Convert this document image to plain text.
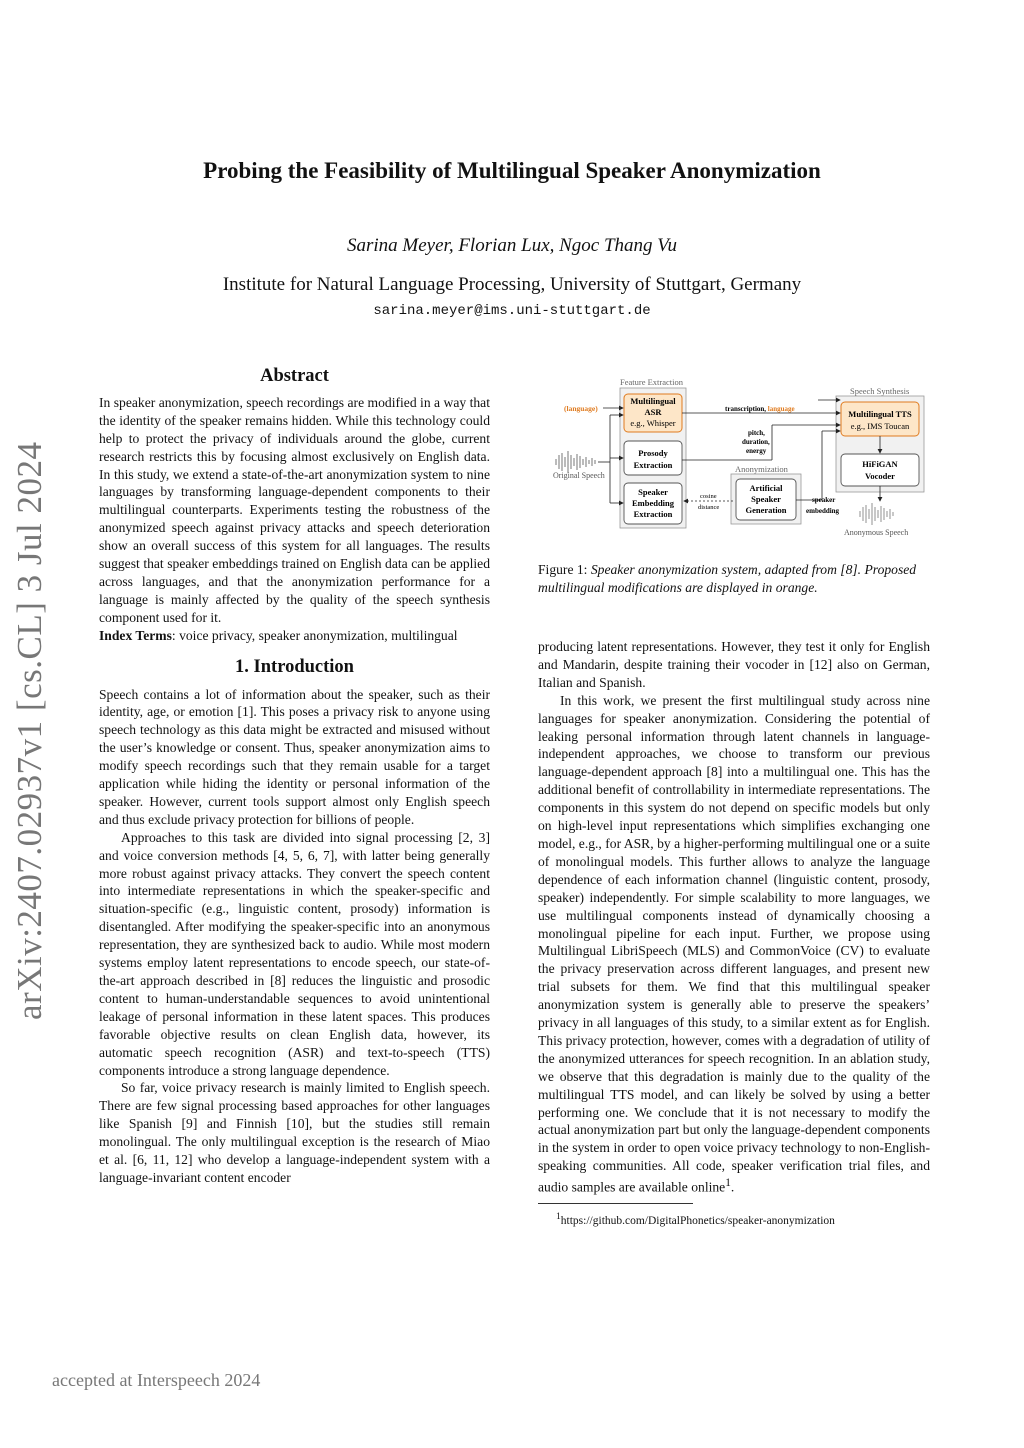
Probing the Feasibility of Multilingual Speaker Anonymization
Sarina Meyer, Florian Lux, Ngoc Thang Vu
Institute for Natural Language Processing, University of Stuttgart, Germany
sarina.meyer@ims.uni-stuttgart.de
arXiv:2407.02937v1 [cs.CL] 3 Jul 2024
Abstract

In speaker anonymization, speech recordings are modified in a way that the identity of the speaker remains hidden. While this technology could help to protect the privacy of individuals around the globe, current research restricts this by focusing almost exclusively on English data. In this study, we extend a state-of-the-art anonymization system to nine languages by transforming language-dependent components to their multilingual counterparts. Experiments testing the robustness of the anonymized speech against privacy attacks and speech deterioration show an overall success of this system for all languages. The results suggest that speaker embeddings trained on English data can be applied across languages, and that the anonymization performance for a language is mainly affected by the quality of the speech synthesis component used for it.

Index Terms: voice privacy, speaker anonymization, multilingual

1. Introduction

Speech contains a lot of information about the speaker, such as their identity, age, or emotion [1]. This poses a privacy risk to anyone using speech technology as this data might be extracted and misused without the user’s knowledge or consent. Thus, speaker anonymization aims to modify speech recordings such that they remain usable for a target application while hiding the identity or personal information of the speaker. However, current tools support almost only English speech and thus exclude privacy protection for billions of people.

Approaches to this task are divided into signal processing [2, 3] and voice conversion methods [4, 5, 6, 7], with latter being generally more robust against privacy attacks. They convert the speech content into intermediate representations in which the speaker-specific and situation-specific (e.g., linguistic content, prosody) information is disentangled. After modifying the speaker-specific into an anonymous representation, they are synthesized back to audio. While most modern systems employ latent representations to encode speech, our state-of-the-art approach described in [8] reduces the linguistic and prosodic content to human-understandable sequences to avoid unintentional leakage of personal information in these latent spaces. This produces favorable objective results on clean English data, however, its automatic speech recognition (ASR) and text-to-speech (TTS) components introduce a strong language dependence.

So far, voice privacy research is mainly limited to English speech. There are few signal processing based approaches for other languages like Spanish [9] and Finnish [10], but the studies still remain monolingual. The only multilingual exception is the research of Miao et al. [6, 11, 12] who develop a language-independent system with a language-invariant content encoder

Feature Extraction
Speech Synthesis
Anonymization
Multilingual
ASR
e.g., Whisper
Prosody
Extraction
Speaker
Embedding
Extraction
Artificial
Speaker
Generation
Multilingual TTS
e.g., IMS Toucan
HiFiGAN
Vocoder
(language)
Original Speech
transcription, language
pitch,
duration,
energy
cosine
distance
speaker
embedding
Anonymous Speech
Figure 1: Speaker anonymization system, adapted from [8]. Proposed multilingual modifications are displayed in orange.

producing latent representations. However, they test it only for English and Mandarin, despite training their vocoder in [12] also on German, Italian and Spanish.

In this work, we present the first multilingual study across nine languages for speaker anonymization. Considering the potential of leaking personal information through latent channels in language-independent approaches, we choose to transform our previous language-dependent approach [8] into a multilingual one. This has the additional benefit of controllability in intermediate representations. The components in this system do not depend on specific models but only on high-level input representations which simplifies exchanging one model, e.g., for ASR, by a higher-performing multilingual one or a suite of monolingual models. This further allows to analyze the language dependence of each information channel (linguistic content, prosody, speaker) independently. For simple scalability to more languages, we use multilingual components instead of dynamically choosing a monolingual pipeline for each input. Further, we propose using Multilingual LibriSpeech (MLS) and CommonVoice (CV) to evaluate the privacy preservation across different languages, and present new trial subsets for them. We find that this multilingual speaker anonymization system is generally able to preserve the speakers’ privacy in all languages of this study, to a similar extent as for English. This privacy protection, however, comes with a degradation of utility of the anonymized utterances for speech recognition. In an ablation study, we observe that this degradation is mainly due to the quality of the multilingual TTS model, and can likely be solved by using a better performing one. We conclude that it is not necessary to modify the actual anonymization part but only the language-dependent components in the system in order to open voice privacy technology to non-English-speaking communities. All code, speaker verification trial files, and audio samples are available online$^1$.

$^1$https://github.com/DigitalPhonetics/speaker-anonymization
accepted at Interspeech 2024
